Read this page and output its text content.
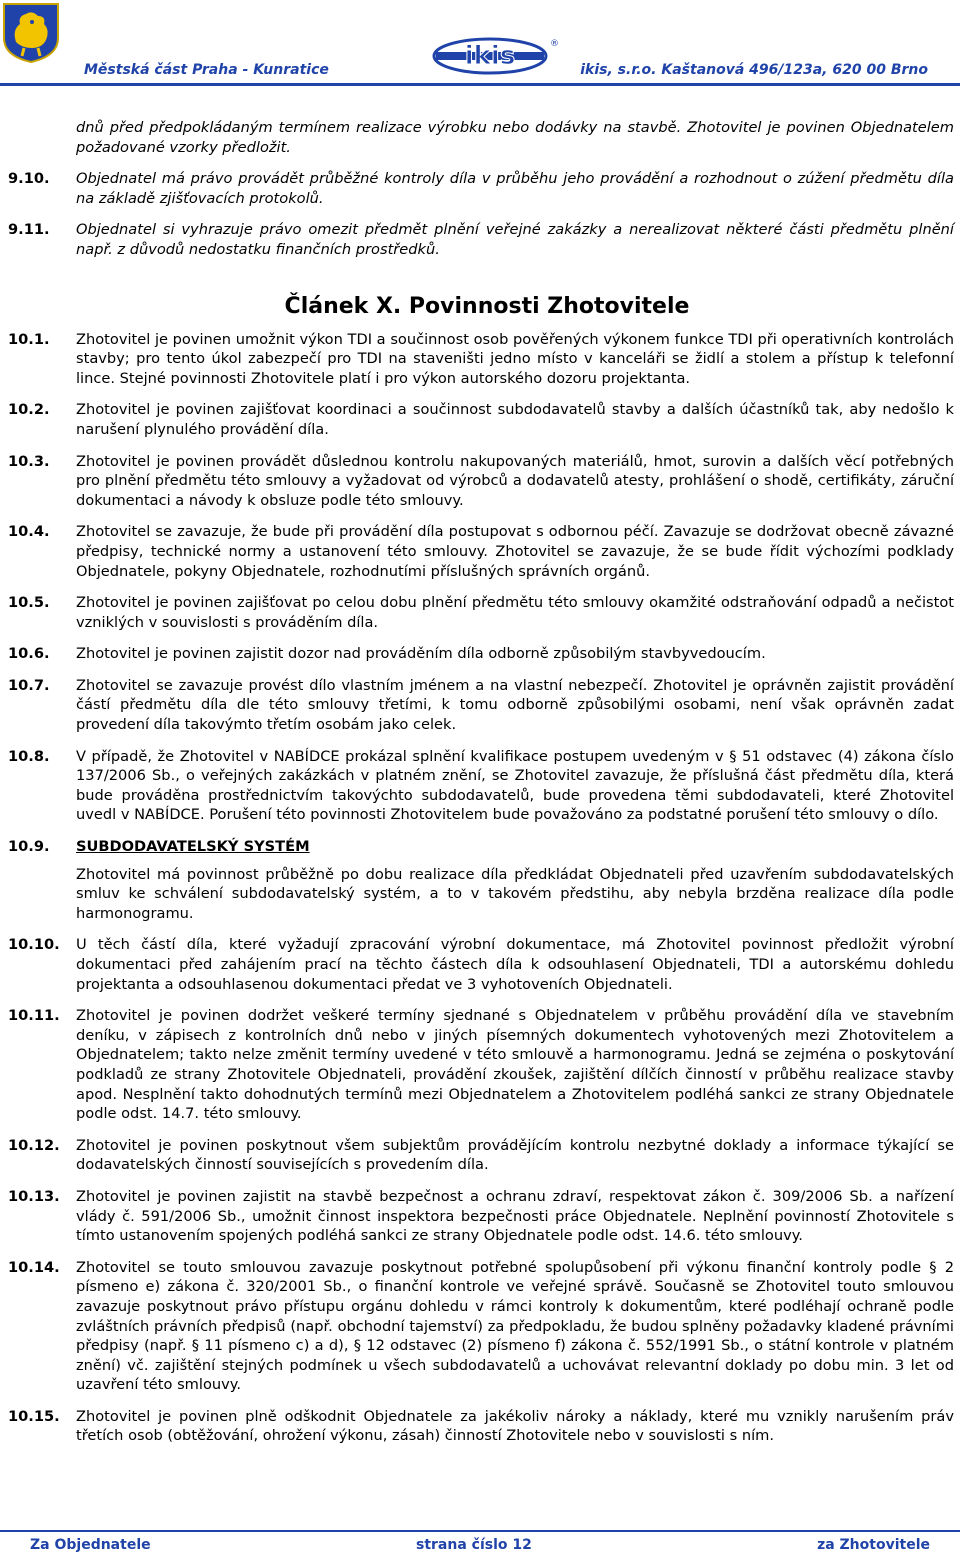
Městská část Praha - Kunratice	ikis	®
ikis, s.r.o. Kaštanová 496/123a, 620 00 Brno
dnů před předpokládaným termínem realizace výrobku nebo dodávky na stavbě. Zhotovitel je povinen Objednatelem požadované vzorky předložit.
9.10.	Objednatel má právo provádět průběžné kontroly díla v průběhu jeho provádění a rozhodnout o zúžení předmětu díla na základě zjišťovacích protokolů.
9.11.	Objednatel si vyhrazuje právo omezit předmět plnění veřejné zakázky a nerealizovat některé části předmětu plnění např. z důvodů nedostatku finančních prostředků.
Článek X. Povinnosti Zhotovitele
10.1.	Zhotovitel je povinen umožnit výkon TDI a součinnost osob pověřených výkonem funkce TDI při operativních kontrolách stavby; pro tento úkol zabezpečí pro TDI na staveništi jedno místo v kanceláři se židlí a stolem a přístup k telefonní lince. Stejné povinnosti Zhotovitele platí i pro výkon autorského dozoru projektanta.
10.2.	Zhotovitel je povinen zajišťovat koordinaci a součinnost subdodavatelů stavby a dalších účastníků tak, aby nedošlo k narušení plynulého provádění díla.
10.3.	Zhotovitel je povinen provádět důslednou kontrolu nakupovaných materiálů, hmot, surovin a dalších věcí potřebných pro plnění předmětu této smlouvy a vyžadovat od výrobců a dodavatelů atesty, prohlášení o shodě, certifikáty, záruční dokumentaci a návody k obsluze podle této smlouvy.
10.4.	Zhotovitel se zavazuje, že bude při provádění díla postupovat s odbornou péčí. Zavazuje se dodržovat obecně závazné předpisy, technické normy a ustanovení této smlouvy. Zhotovitel se zavazuje, že se bude řídit výchozími podklady Objednatele, pokyny Objednatele, rozhodnutími příslušných správních orgánů.
10.5.	Zhotovitel je povinen zajišťovat po celou dobu plnění předmětu této smlouvy okamžité odstraňování odpadů a nečistot vzniklých v souvislosti s prováděním díla.
10.6.	Zhotovitel je povinen zajistit dozor nad prováděním díla odborně způsobilým stavbyvedoucím.
10.7.	Zhotovitel se zavazuje provést dílo vlastním jménem a na vlastní nebezpečí. Zhotovitel je oprávněn zajistit provádění částí předmětu díla dle této smlouvy třetími, k tomu odborně způsobilými osobami, není však oprávněn zadat provedení díla takovýmto třetím osobám jako celek.
10.8.	V případě, že Zhotovitel v NABÍDCE prokázal splnění kvalifikace postupem uvedeným v § 51 odstavec (4) zákona číslo 137/2006 Sb., o veřejných zakázkách v platném znění, se Zhotovitel zavazuje, že příslušná část předmětu díla, která bude prováděna prostřednictvím takovýchto subdodavatelů, bude provedena těmi subdodavateli, které Zhotovitel uvedl v NABÍDCE. Porušení této povinnosti Zhotovitelem bude považováno za podstatné porušení této smlouvy o dílo.
10.9.	SUBDODAVATELSKÝ SYSTÉM
Zhotovitel má povinnost průběžně po dobu realizace díla předkládat Objednateli před uzavřením subdodavatelských smluv ke schválení subdodavatelský systém, a to v takovém předstihu, aby nebyla brzděna realizace díla podle harmonogramu.
10.10.	U těch částí díla, které vyžadují zpracování výrobní dokumentace, má Zhotovitel povinnost předložit výrobní dokumentaci před zahájením prací na těchto částech díla k odsouhlasení Objednateli, TDI a autorskému dohledu projektanta a odsouhlasenou dokumentaci předat ve 3 vyhotoveních Objednateli.
10.11.	Zhotovitel je povinen dodržet veškeré termíny sjednané s Objednatelem v průběhu provádění díla ve stavebním deníku, v zápisech z kontrolních dnů nebo v jiných písemných dokumentech vyhotovených mezi Zhotovitelem a Objednatelem; takto nelze změnit termíny uvedené v této smlouvě a harmonogramu. Jedná se zejména o poskytování podkladů ze strany Zhotovitele Objednateli, provádění zkoušek, zajištění dílčích činností v průběhu realizace stavby apod. Nesplnění takto dohodnutých termínů mezi Objednatelem a Zhotovitelem podléhá sankci ze strany Objednatele podle odst. 14.7. této smlouvy.
10.12.	Zhotovitel je povinen poskytnout všem subjektům provádějícím kontrolu nezbytné doklady a informace týkající se dodavatelských činností souvisejících s provedením díla.
10.13.	Zhotovitel je povinen zajistit na stavbě bezpečnost a ochranu zdraví, respektovat zákon č. 309/2006 Sb. a nařízení vlády č. 591/2006 Sb., umožnit činnost inspektora bezpečnosti práce Objednatele. Neplnění povinností Zhotovitele s tímto ustanovením spojených podléhá sankci ze strany Objednatele podle odst. 14.6. této smlouvy.
10.14.	Zhotovitel se touto smlouvou zavazuje poskytnout potřebné spolupůsobení při výkonu finanční kontroly podle § 2 písmeno e) zákona č. 320/2001 Sb., o finanční kontrole ve veřejné správě. Současně se Zhotovitel touto smlouvou zavazuje poskytnout právo přístupu orgánu dohledu v rámci kontroly k dokumentům, které podléhají ochraně podle zvláštních právních předpisů (např. obchodní tajemství) za předpokladu, že budou splněny požadavky kladené právními předpisy (např. § 11 písmeno c) a d), § 12 odstavec (2) písmeno f) zákona č. 552/1991 Sb., o státní kontrole v platném znění) vč. zajištění stejných podmínek u všech subdodavatelů a uchovávat relevantní doklady po dobu min. 3 let od uzavření této smlouvy.
10.15.	Zhotovitel je povinen plně odškodnit Objednatele za jakékoliv nároky a náklady, které mu vznikly narušením práv třetích osob (obtěžování, ohrožení výkonu, zásah) činností Zhotovitele nebo v souvislosti s ním.
Za Objednatele	strana číslo 12	za Zhotovitele
